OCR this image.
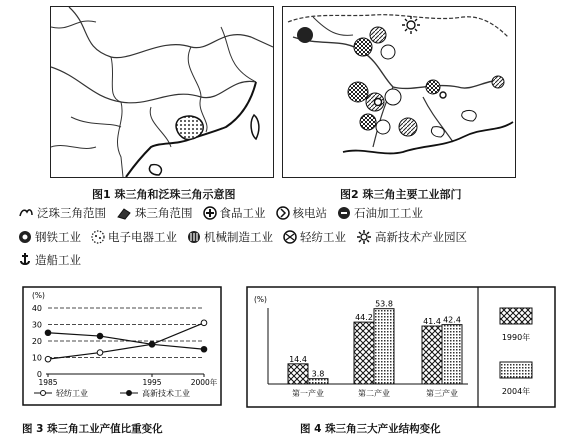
图1 珠三角和泛珠三角示意图	图2 珠三角主要工业部门
泛珠三角范围	珠三角范围 食品工业 核电站 石油加工工业
钢铁工业 电子电器工业 机械制造工业 轻纺工业	高新技术产业园区
造船工业
(%)
0
10
20
30
40
1985	1995	2000年
轻纺工业	高新技术工业
图 3 珠三角工业产值比重变化
(%)
14.4
3.8
第一产业
44.2
53.8
第二产业
41.4 42.4
第三产业
1990年
2004年
图 4 珠三角三大产业结构变化
